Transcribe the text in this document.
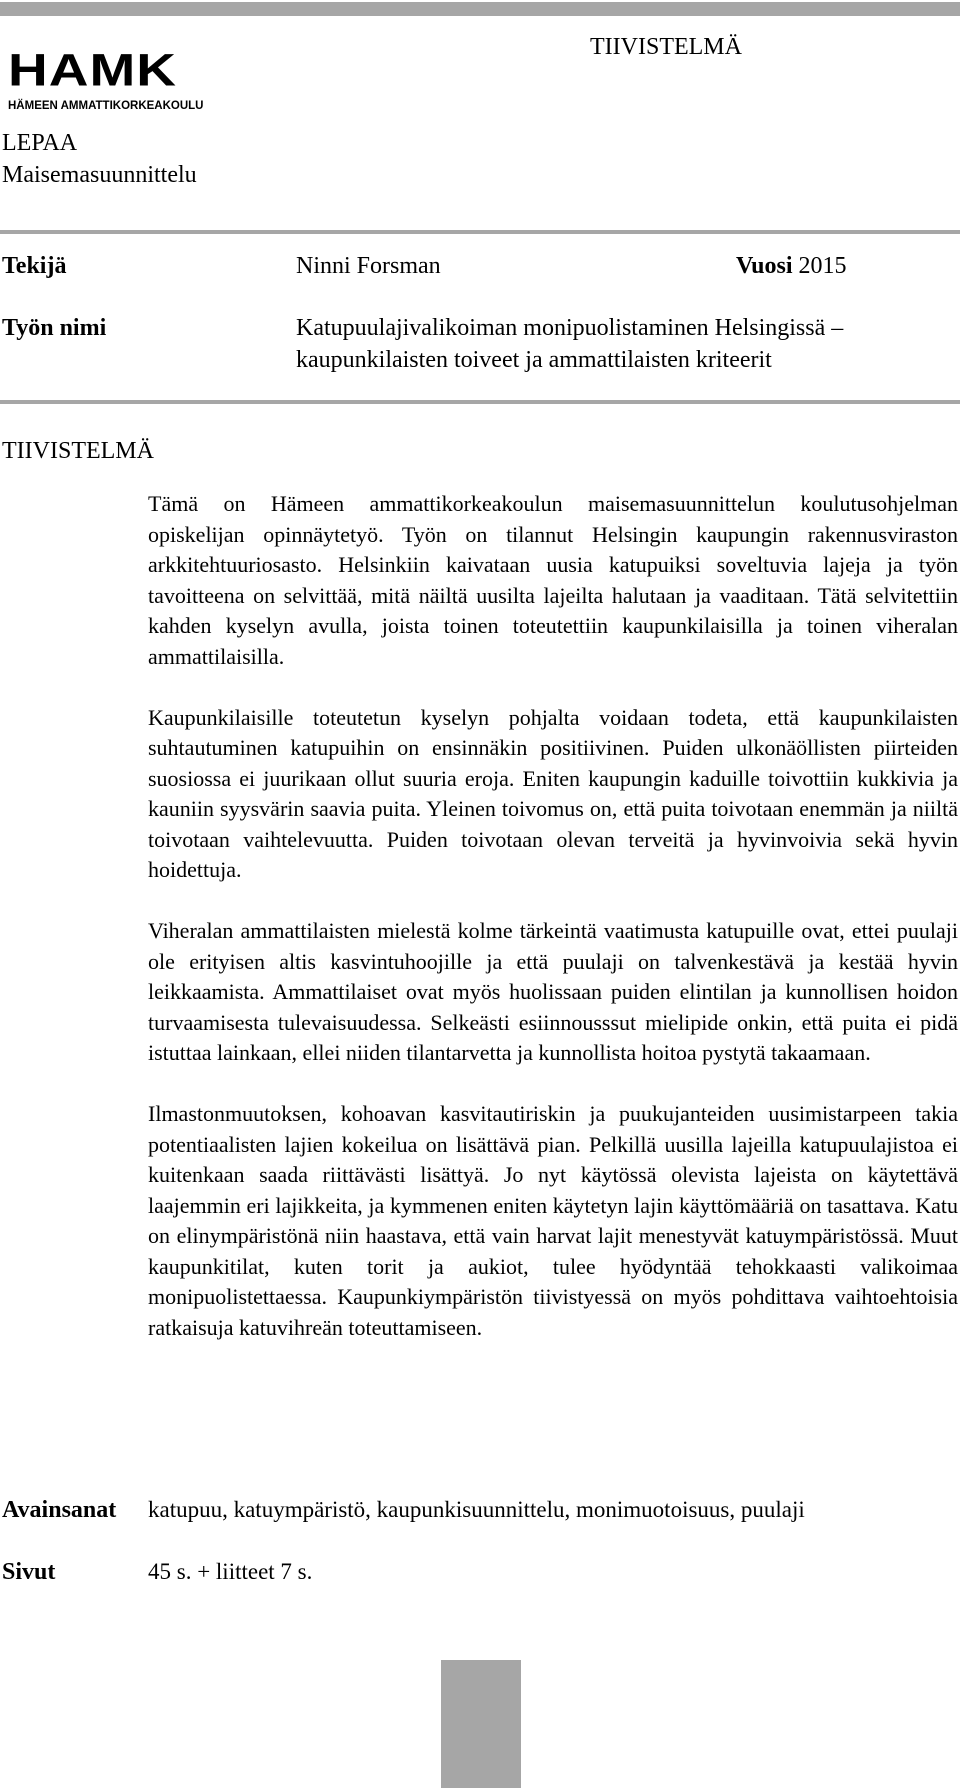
HAMK
HÄMEEN AMMATTIKORKEAKOULU
TIIVISTELMÄ
LEPAA
Maisemasuunnittelu
Tekijä	Ninni Forsman	Vuosi 2015
Työn nimi	Katupuulajivalikoiman monipuolistaminen Helsingissä –
kaupunkilaisten toiveet ja ammattilaisten kriteerit
TIIVISTELMÄ

Tämä on Hämeen ammattikorkeakoulun maisemasuunnittelun koulutusohjelman opiskelijan opinnäytetyö. Työn on tilannut Helsingin kaupungin rakennusviraston arkkitehtuuriosasto. Helsinkiin kaivataan uusia katupuiksi soveltuvia lajeja ja työn tavoitteena on selvittää, mitä näiltä uusilta lajeilta halutaan ja vaaditaan. Tätä selvitettiin kahden kyselyn avulla, joista toinen toteutettiin kaupunkilaisilla ja toinen viheralan ammattilaisilla.

Kaupunkilaisille toteutetun kyselyn pohjalta voidaan todeta, että kaupunkilaisten suhtautuminen katupuihin on ensinnäkin positiivinen. Puiden ulkonäöllisten piirteiden suosiossa ei juurikaan ollut suuria eroja. Eniten kaupungin kaduille toivottiin kukkivia ja kauniin syysvärin saavia puita. Yleinen toivomus on, että puita toivotaan enemmän ja niiltä toivotaan vaihtelevuutta. Puiden toivotaan olevan terveitä ja hyvinvoivia sekä hyvin hoidettuja.

Viheralan ammattilaisten mielestä kolme tärkeintä vaatimusta katupuille ovat, ettei puulaji ole erityisen altis kasvintuhoojille ja että puulaji on talvenkestävä ja kestää hyvin leikkaamista. Ammattilaiset ovat myös huolissaan puiden elintilan ja kunnollisen hoidon turvaamisesta tulevaisuudessa. Selkeästi esiinnousssut mielipide onkin, että puita ei pidä istuttaa lainkaan, ellei niiden tilantarvetta ja kunnollista hoitoa pystytä takaamaan.

Ilmastonmuutoksen, kohoavan kasvitautiriskin ja puukujanteiden uusimistarpeen takia potentiaalisten lajien kokeilua on lisättävä pian. Pelkillä uusilla lajeilla katupuulajistoa ei kuitenkaan saada riittävästi lisättyä. Jo nyt käytössä olevista lajeista on käytettävä laajemmin eri lajikkeita, ja kymmenen eniten käytetyn lajin käyttömääriä on tasattava. Katu on elinympäristönä niin haastava, että vain harvat lajit menestyvät katuympäristössä. Muut kaupunkitilat, kuten torit ja aukiot, tulee hyödyntää tehokkaasti valikoimaa monipuolistettaessa. Kaupunkiympäristön tiivistyessä on myös pohdittava vaihtoehtoisia ratkaisuja katuvihreän toteuttamiseen.

Avainsanat katupuu, katuympäristö, kaupunkisuunnittelu, monimuotoisuus, puulaji
Sivut	45 s. + liitteet 7 s.
